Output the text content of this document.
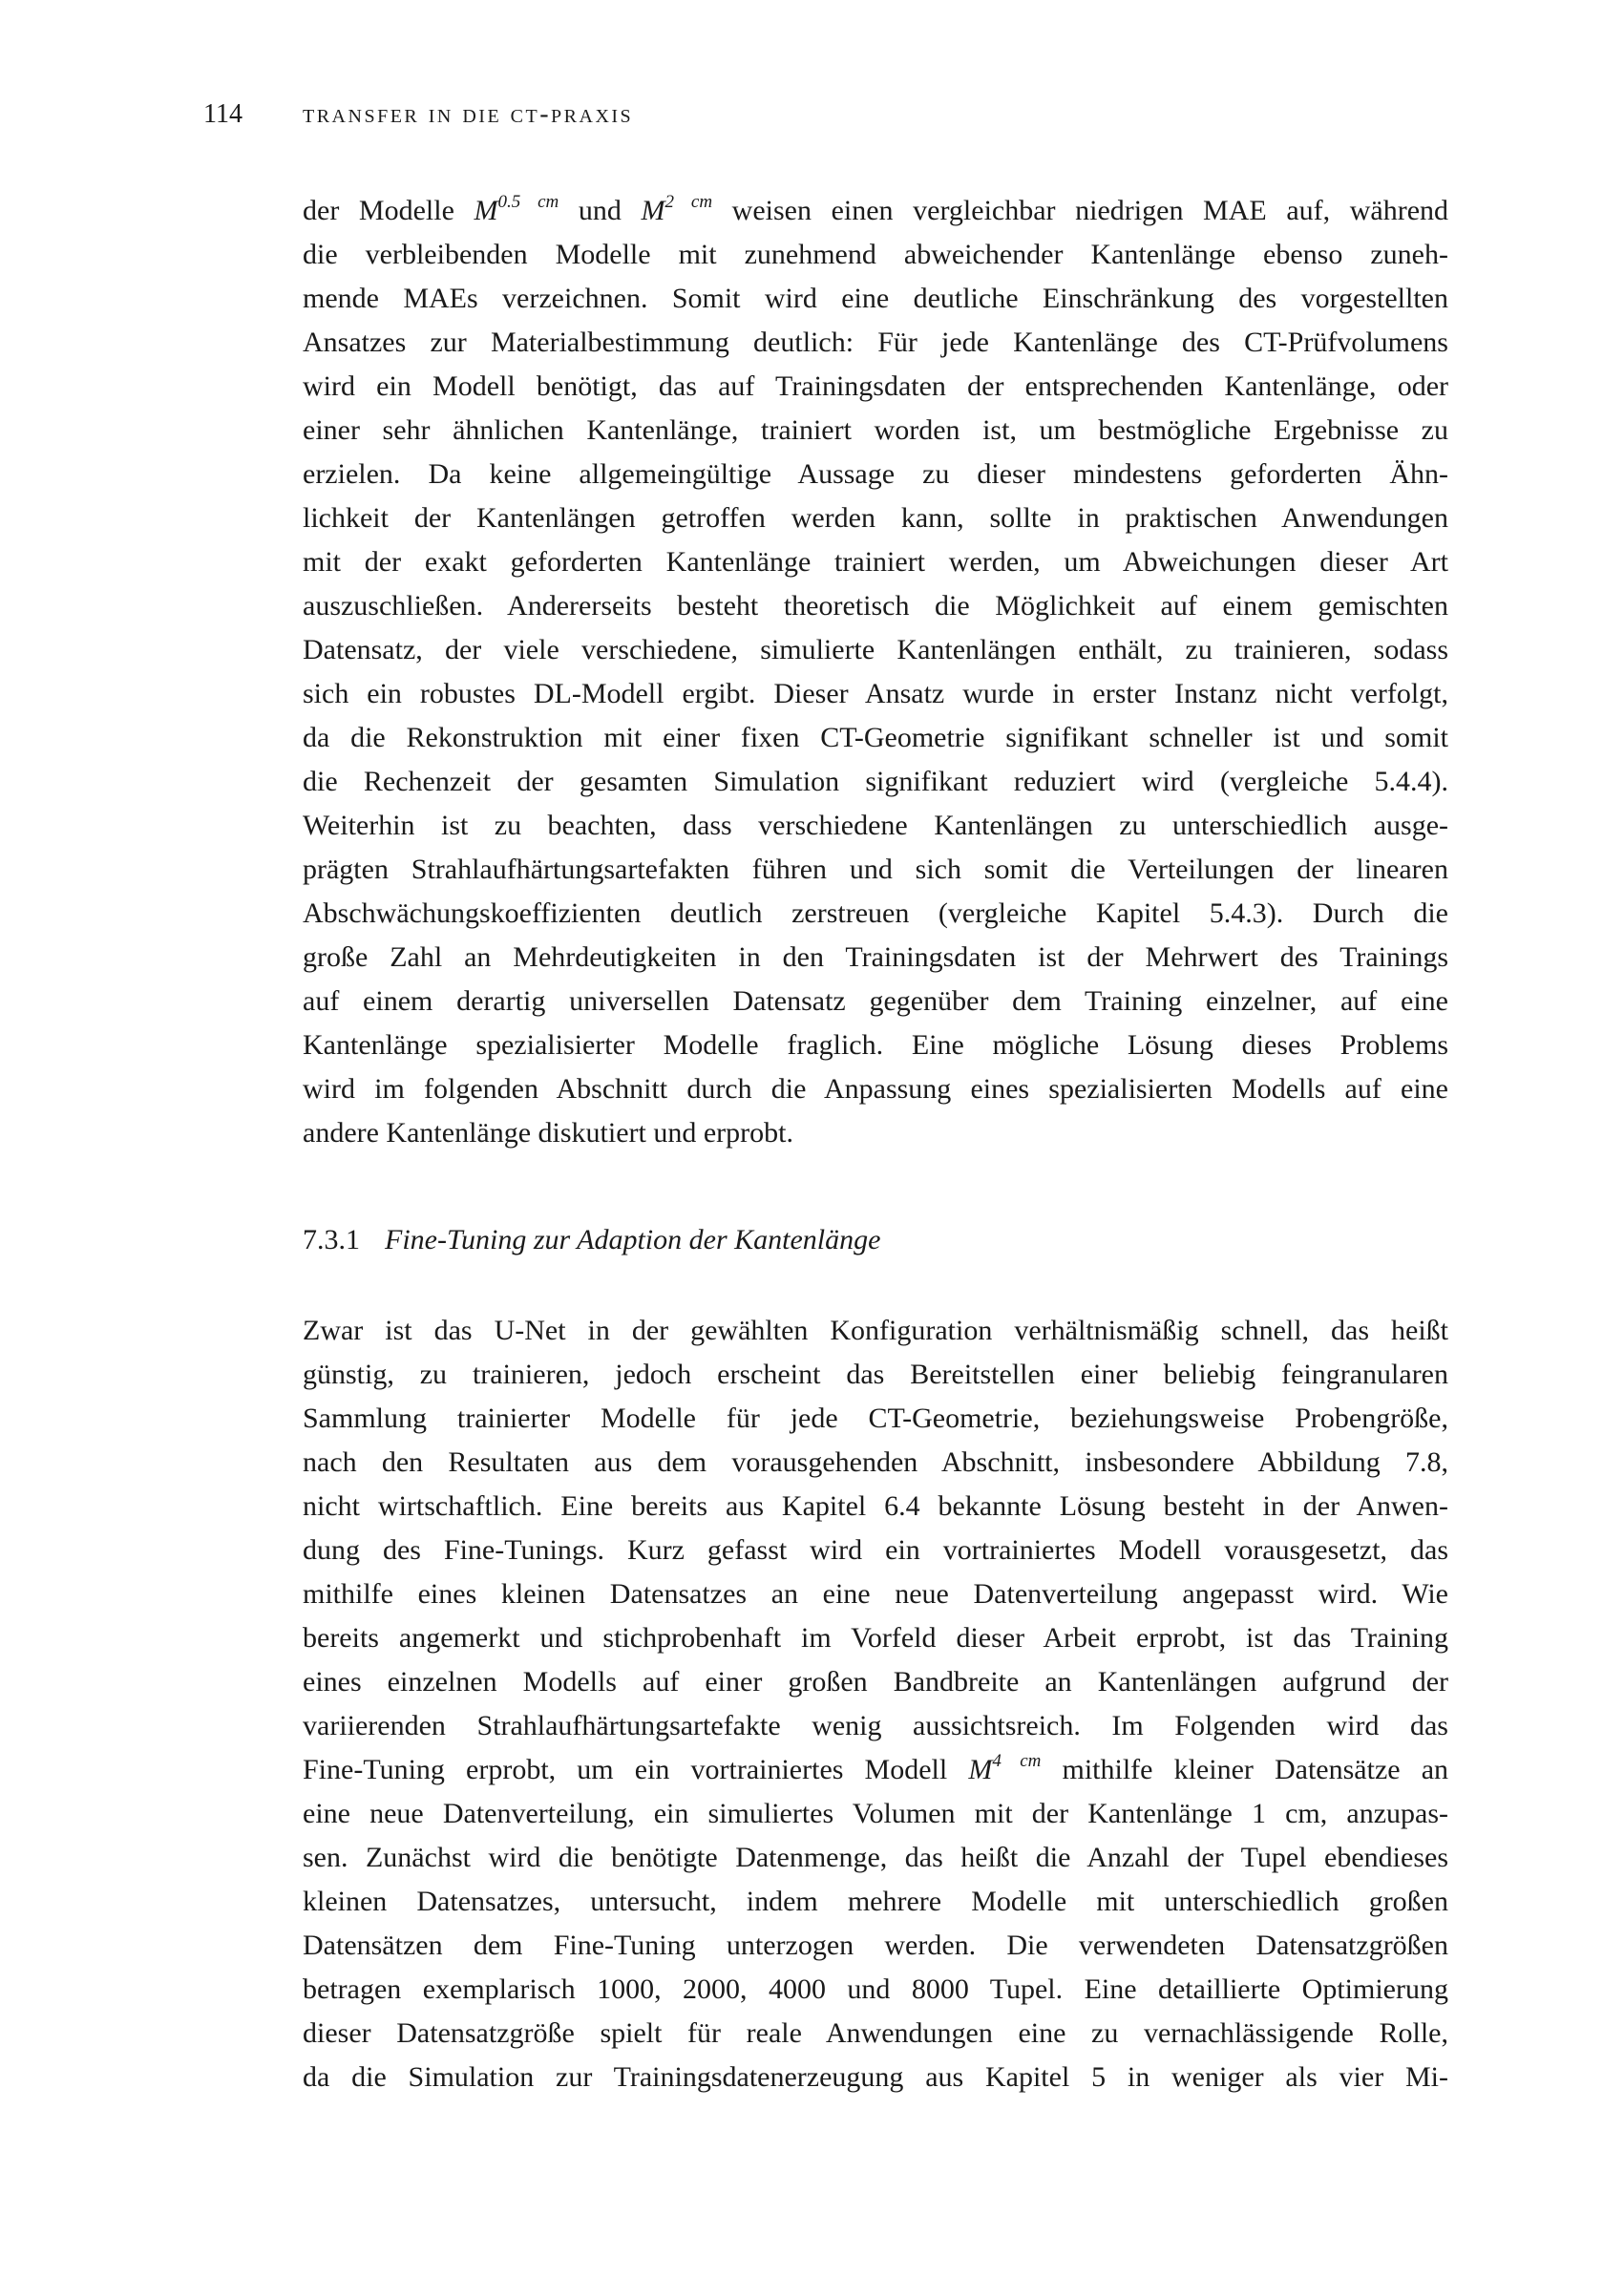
114 transfer in die ct-praxis
der Modelle $M^{0.5 cm}$ und $M^{2 cm}$ weisen einen vergleichbar niedrigen MAE auf, während
die verbleibenden Modelle mit zunehmend abweichender Kantenlänge ebenso zuneh-
mende MAEs verzeichnen. Somit wird eine deutliche Einschränkung des vorgestellten
Ansatzes zur Materialbestimmung deutlich: Für jede Kantenlänge des CT-Prüfvolumens
wird ein Modell benötigt, das auf Trainingsdaten der entsprechenden Kantenlänge, oder
einer sehr ähnlichen Kantenlänge, trainiert worden ist, um bestmögliche Ergebnisse zu
erzielen. Da keine allgemeingültige Aussage zu dieser mindestens geforderten Ähn-
lichkeit der Kantenlängen getroffen werden kann, sollte in praktischen Anwendungen
mit der exakt geforderten Kantenlänge trainiert werden, um Abweichungen dieser Art
auszuschließen. Andererseits besteht theoretisch die Möglichkeit auf einem gemischten
Datensatz, der viele verschiedene, simulierte Kantenlängen enthält, zu trainieren, sodass
sich ein robustes DL-Modell ergibt. Dieser Ansatz wurde in erster Instanz nicht verfolgt,
da die Rekonstruktion mit einer fixen CT-Geometrie signifikant schneller ist und somit
die Rechenzeit der gesamten Simulation signifikant reduziert wird (vergleiche 5.4.4).
Weiterhin ist zu beachten, dass verschiedene Kantenlängen zu unterschiedlich ausge-
prägten Strahlaufhärtungsartefakten führen und sich somit die Verteilungen der linearen
Abschwächungskoeffizienten deutlich zerstreuen (vergleiche Kapitel 5.4.3). Durch die
große Zahl an Mehrdeutigkeiten in den Trainingsdaten ist der Mehrwert des Trainings
auf einem derartig universellen Datensatz gegenüber dem Training einzelner, auf eine
Kantenlänge spezialisierter Modelle fraglich. Eine mögliche Lösung dieses Problems
wird im folgenden Abschnitt durch die Anpassung eines spezialisierten Modells auf eine
andere Kantenlänge diskutiert und erprobt.
7.3.1 Fine-Tuning zur Adaption der Kantenlänge
Zwar ist das U-Net in der gewählten Konfiguration verhältnismäßig schnell, das heißt
günstig, zu trainieren, jedoch erscheint das Bereitstellen einer beliebig feingranularen
Sammlung trainierter Modelle für jede CT-Geometrie, beziehungsweise Probengröße,
nach den Resultaten aus dem vorausgehenden Abschnitt, insbesondere Abbildung 7.8,
nicht wirtschaftlich. Eine bereits aus Kapitel 6.4 bekannte Lösung besteht in der Anwen-
dung des Fine-Tunings. Kurz gefasst wird ein vortrainiertes Modell vorausgesetzt, das
mithilfe eines kleinen Datensatzes an eine neue Datenverteilung angepasst wird. Wie
bereits angemerkt und stichprobenhaft im Vorfeld dieser Arbeit erprobt, ist das Training
eines einzelnen Modells auf einer großen Bandbreite an Kantenlängen aufgrund der
variierenden Strahlaufhärtungsartefakte wenig aussichtsreich. Im Folgenden wird das
Fine-Tuning erprobt, um ein vortrainiertes Modell $M^{4 cm}$ mithilfe kleiner Datensätze an
eine neue Datenverteilung, ein simuliertes Volumen mit der Kantenlänge 1 cm, anzupas-
sen. Zunächst wird die benötigte Datenmenge, das heißt die Anzahl der Tupel ebendieses
kleinen Datensatzes, untersucht, indem mehrere Modelle mit unterschiedlich großen
Datensätzen dem Fine-Tuning unterzogen werden. Die verwendeten Datensatzgrößen
betragen exemplarisch 1000, 2000, 4000 und 8000 Tupel. Eine detaillierte Optimierung
dieser Datensatzgröße spielt für reale Anwendungen eine zu vernachlässigende Rolle,
da die Simulation zur Trainingsdatenerzeugung aus Kapitel 5 in weniger als vier Mi-
